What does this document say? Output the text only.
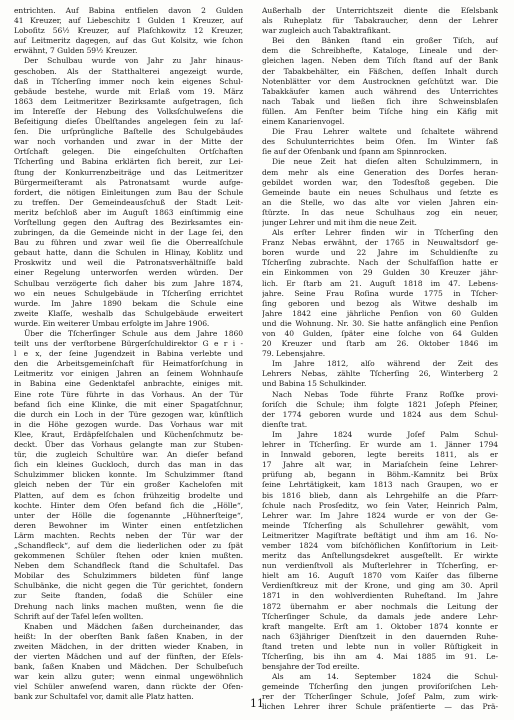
entrichten. Auf Babina entfielen davon 2 Gulden
41 Kreuzer, auf Liebeschitz 1 Gulden 1 Kreuzer, auf
Loboſitz 56½ Kreuzer, auf Plaſchkowitz 12 Kreuzer,
auf Leitmeritz dagegen, auf das Gut Kolsitz, wie ſchon
erwähnt, 7 Gulden 59½ Kreuzer.
Der Schulbau wurde von Jahr zu Jahr hinaus-
geschoben. Als der Statthalterei angezeigt wurde,
daß in Tſcherſing immer noch kein eigenes Schul-
gebäude bestehe, wurde mit Erlaß vom 19. März
1863 dem Leitmeritzer Bezirksamte aufgetragen, ſich
im Intereſſe der Hebung des Volksſchulweſens die
Beſeitigung dieſes Übelſtandes angelegen ſein zu laſ-
ſen. Die urſprüngliche Baſtelle des Schulgebäudes
war noch vorhanden und zwar in der Mitte der
Ortſchaft gelegen. Die eingeſchulten Ortſchaften
Tſcherſing und Babina erklärten ſich bereit, zur Lei-
ſtung der Konkurrenzbeiträge und das Leitmeritzer
Bürgermeiſteramt als Patronatsamt wurde aufge-
fordert, die nötigen Einleitungen zum Bau der Schule
zu treffen. Der Gemeindeausſchuß der Stadt Leit-
meritz beſchloß aber im Auguſt 1863 einſtimmig eine
Vorſtellung gegen den Auftrag des Bezirksamtes ein-
zubringen, da die Gemeinde nicht in der Lage ſei, den
Bau zu führen und zwar weil ſie die Oberrealſchule
gebaut hatte, dann die Schulen in Hlinay, Koblitz und
Proskwitz und weil die Patronatsverhältniſſe bald
einer Regelung unterworfen werden würden. Der
Schulbau verzögerte ſich daher bis zum Jahre 1874,
wo ein neues Schulgebäude in Tſcherſing errichtet
wurde. Im Jahre 1890 bekam die Schule eine
zweite Klaſſe, weshalb das Schulgebäude erweitert
wurde. Ein weiterer Umbau erfolgte im Jahre 1906.
Über die Tſcherſinger Schule aus dem Jahre 1860
teilt uns der verſtorbene Bürgerſchuldirektor G e r i -
l e x, der ſeine Jugendzeit in Babina verlebte und
den die Arbeitsgemeinſchaft für Heimatforſchung in
Leitmeritz vor einigen Jahren an ſeinem Wohnhauſe
in Babina eine Gedenktafel anbrachte, einiges mit.
Eine rote Türe führte in das Vorhaus. An der Tür
befand ſich eine Klinke, die mit einer Spagatſchnur,
die durch ein Loch in der Türe gezogen war, künſtlich
in die Höhe gezogen wurde. Das Vorhaus war mit
Klee, Kraut, Erdäpfelſchalen und Küchenſchmutz be-
deckt. Über das Vorhaus gelangte man zur Stuben-
tür, die zugleich Schultüre war. An dieſer befand
ſich ein kleines Guckloch, durch das man in das
Schulzimmer blicken konnte. Im Schulzimmer ſtand
gleich neben der Tür ein großer Kachelofen mit
Platten, auf dem es ſchon frühzeitig brodelte und
kochte. Hinter dem Ofen befand ſich die „Hölle“,
unter der Hölle die ſogenannte „Hühnerſteige“,
deren Bewohner im Winter einen entſetzlichen
Lärm machten. Rechts neben der Tür war der
„Schandfleck“, auf dem die liederlichen oder zu ſpät
gekommenen Schüler ſtehen oder knien mußten.
Neben dem Schandfleck ſtand die Schultafel. Das
Mobilar des Schulzimmers bildeten fünf lange
Schulbänke, die nicht gegen die Tür gerichtet, ſondern
zur Seite ſtanden, ſodaß die Schüler eine
Drehung nach links machen mußten, wenn ſie die
Schrift auf der Tafel leſen wollten.
Knaben und Mädchen ſaßen durcheinander, das
heißt: In der oberſten Bank ſaßen Knaben, in der
zweiten Mädchen, in der dritten wieder Knaben, in
der vierten Mädchen und auf der fünften, der Eſels-
bank, ſaßen Knaben und Mädchen. Der Schulbeſuch
war kein allzu guter; wenn einmal ungewöhnlich
viel Schüler anweſend waren, dann rückte der Ofen-
bank zur Schultafel vor, damit alle Platz hatten.
Außerhalb der Unterrichtszeit diente die Eſelsbank
als Ruheplatz für Tabakraucher, denn der Lehrer
war zugleich auch Tabaktrafikant.
Bei den Bänken ſtand ein großer Tiſch, auf
dem die Schreibhefte, Kataloge, Lineale und der-
gleichen lagen. Neben dem Tiſch ſtand auf der Bank
der Tabakbehälter, ein Fäßchen, deſſen Inhalt durch
Notenblätter vor dem Austrocknen geſchützt war. Die
Tabakkäufer kamen auch während des Unterrichtes
nach Tabak und ließen ſich ihre Schweinsblaſen
füllen. Am Fenſter beim Tiſche hing ein Käfig mit
einem Kanarienvogel.
Die Frau Lehrer waltete und ſchaltete während
des Schulunterrichtes beim Ofen. Im Winter ſaß
ſie auf der Ofenbank und ſpann am Spinnrocken.
Die neue Zeit hat dieſen alten Schulzimmern, in
dem mehr als eine Generation des Dorfes heran-
gebildet worden war, den Todesſtoß gegeben. Die
Gemeinde baute ein neues Schulhaus und ſetzte es
an die Stelle, wo das alte vor vielen Jahren ein-
ſtürzte. In das neue Schulhaus zog ein neuer,
junger Lehrer und mit ihm die neue Zeit.
Als erſter Lehrer finden wir in Tſcherſing den
Franz Nebas erwähnt, der 1765 in Neuwaltsdorf ge-
boren wurde und 22 Jahre im Schuldienſte zu
Tſcherſing zubrachte. Nach der Schulfaſſion hatte er
ein Einkommen von 29 Gulden 30 Kreuzer jähr-
lich. Er ſtarb am 21. Auguſt 1818 im 47. Lebens-
jahre. Seine Frau Roſina wurde 1775 in Tſcher-
ſing geboren und bezog als Witwe deshalb im
Jahre 1842 eine jährliche Penſion von 60 Gulden
und die Wohnung. Nr. 30. Sie hatte anfänglich eine Penſion
von 40 Gulden, ſpäter eine ſolche von 64 Gulden
20 Kreuzer und ſtarb am 26. Oktober 1846 im
79. Lebensjahre.
Im Jahre 1812, alſo während der Zeit des
Lehrers Nebas, zählte Tſcherſing 26, Winterberg 2
und Babina 15 Schulkinder.
Nach Nebas Tode führte Franz Roſſke provi-
ſoriſch die Schule; ihm folgte 1821 Joſeph Pfeiner,
der 1774 geboren wurde und 1824 aus dem Schul-
dienſte trat.
Im Jahre 1824 wurde Joſef Palm Schul-
lehrer in Tſcherſing. Er wurde am 1. Jänner 1794
in Innwald geboren, legte bereits 1811, als er
17 Jahre alt war, in Mariaſchein ſeine Lehrer-
prüfung ab, begann in Böhm.-Kamnitz bei Brüx
ſeine Lehrtätigkeit, kam 1813 nach Graupen, wo er
bis 1816 blieb, dann als Lehrgehilfe an die Pfarr-
ſchule nach Prosſeditz, wo ſein Vater, Heinrich Palm,
Lehrer war. Im Jahre 1824 wurde er von der Ge-
meinde Tſcherſing als Schullehrer gewählt, vom
Leitmeritzer Magiſtrate beſtätigt und ihm am 16. No-
vember 1824 vom biſchöflichen Konſiſtorium in Leit-
meritz das Anſtellungsdekret ausgeſtellt. Er wirkte
nun verdienſtvoll als Muſterlehrer in Tſcherſing, er-
hielt am 16. Auguſt 1870 vom Kaiſer das ſilberne
Verdienſtkreuz mit der Krone, und ging am 30. April
1871 in den wohlverdienten Ruheſtand. Im Jahre
1872 übernahm er aber nochmals die Leitung der
Tſcherſinger Schule, da damals jede andere Lehr-
kraft mangelte. Erſt am 1. Oktober 1874 konnte er
nach 63jähriger Dienſtzeit in den dauernden Ruhe-
ſtand treten und lebte nun in voller Rüſtigkeit in
Tſcherſing, bis ihn am 4. Mai 1885 im 91. Le-
bensjahre der Tod ereilte.
Als am 14. September 1824 die Schul-
gemeinde Tſcherſing den jungen proviſoriſchen Leh-
rer der Tſcherſinger Schule, Joſef Palm, zum wirk-
lichen Lehrer ihrer Schule präſentierte — das Prä-
11
